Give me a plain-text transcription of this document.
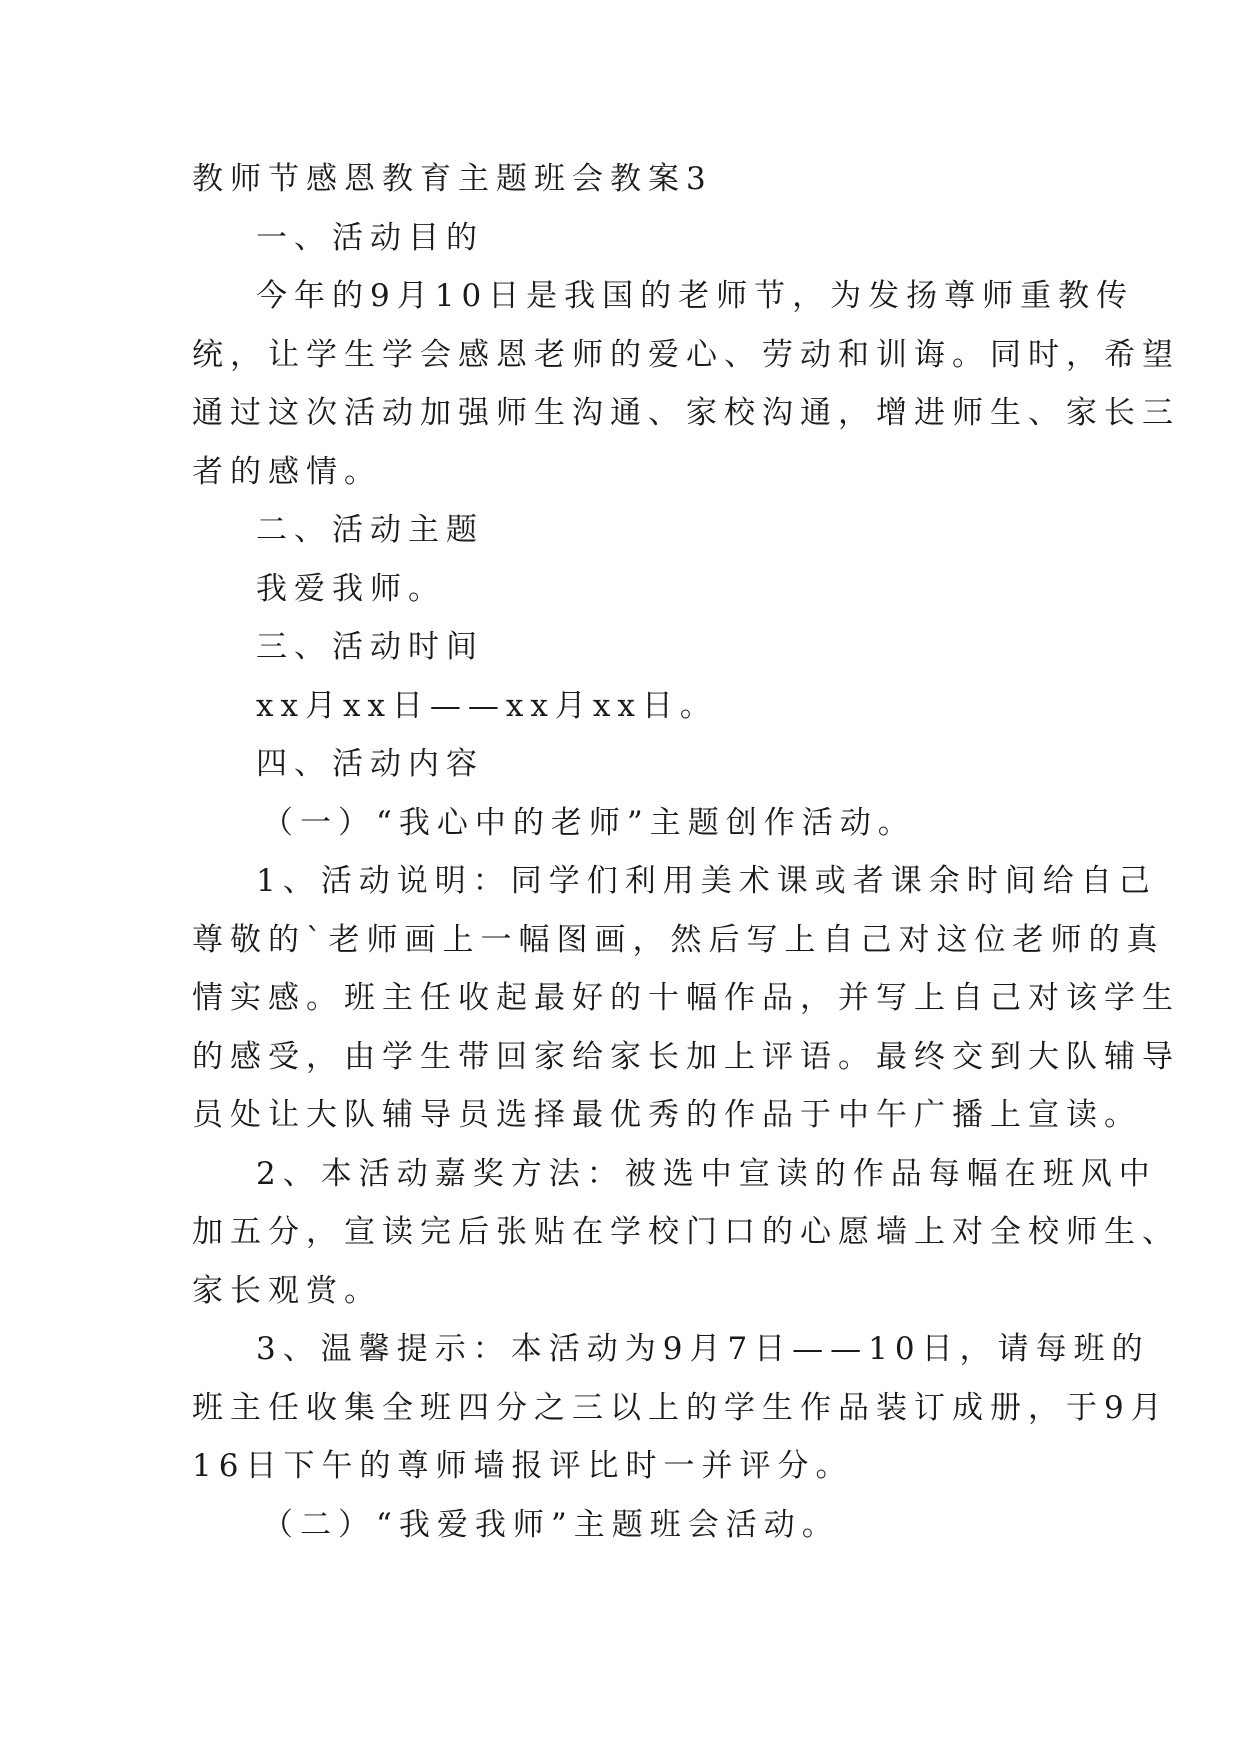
教师节感恩教育主题班会教案3
一、活动目的
今年的9月10日是我国的老师节，为发扬尊师重教传
统，让学生学会感恩老师的爱心、劳动和训诲。同时，希望
通过这次活动加强师生沟通、家校沟通，增进师生、家长三
者的感情。
二、活动主题
我爱我师。
三、活动时间
xx月xx日——xx月xx日。
四、活动内容
（一）“我心中的老师”主题创作活动。
1、活动说明：同学们利用美术课或者课余时间给自己
尊敬的`老师画上一幅图画，然后写上自己对这位老师的真
情实感。班主任收起最好的十幅作品，并写上自己对该学生
的感受，由学生带回家给家长加上评语。最终交到大队辅导
员处让大队辅导员选择最优秀的作品于中午广播上宣读。
2、本活动嘉奖方法：被选中宣读的作品每幅在班风中
加五分，宣读完后张贴在学校门口的心愿墙上对全校师生、
家长观赏。
3、温馨提示：本活动为9月7日——10日，请每班的
班主任收集全班四分之三以上的学生作品装订成册，于9月
16日下午的尊师墙报评比时一并评分。
（二）“我爱我师”主题班会活动。
